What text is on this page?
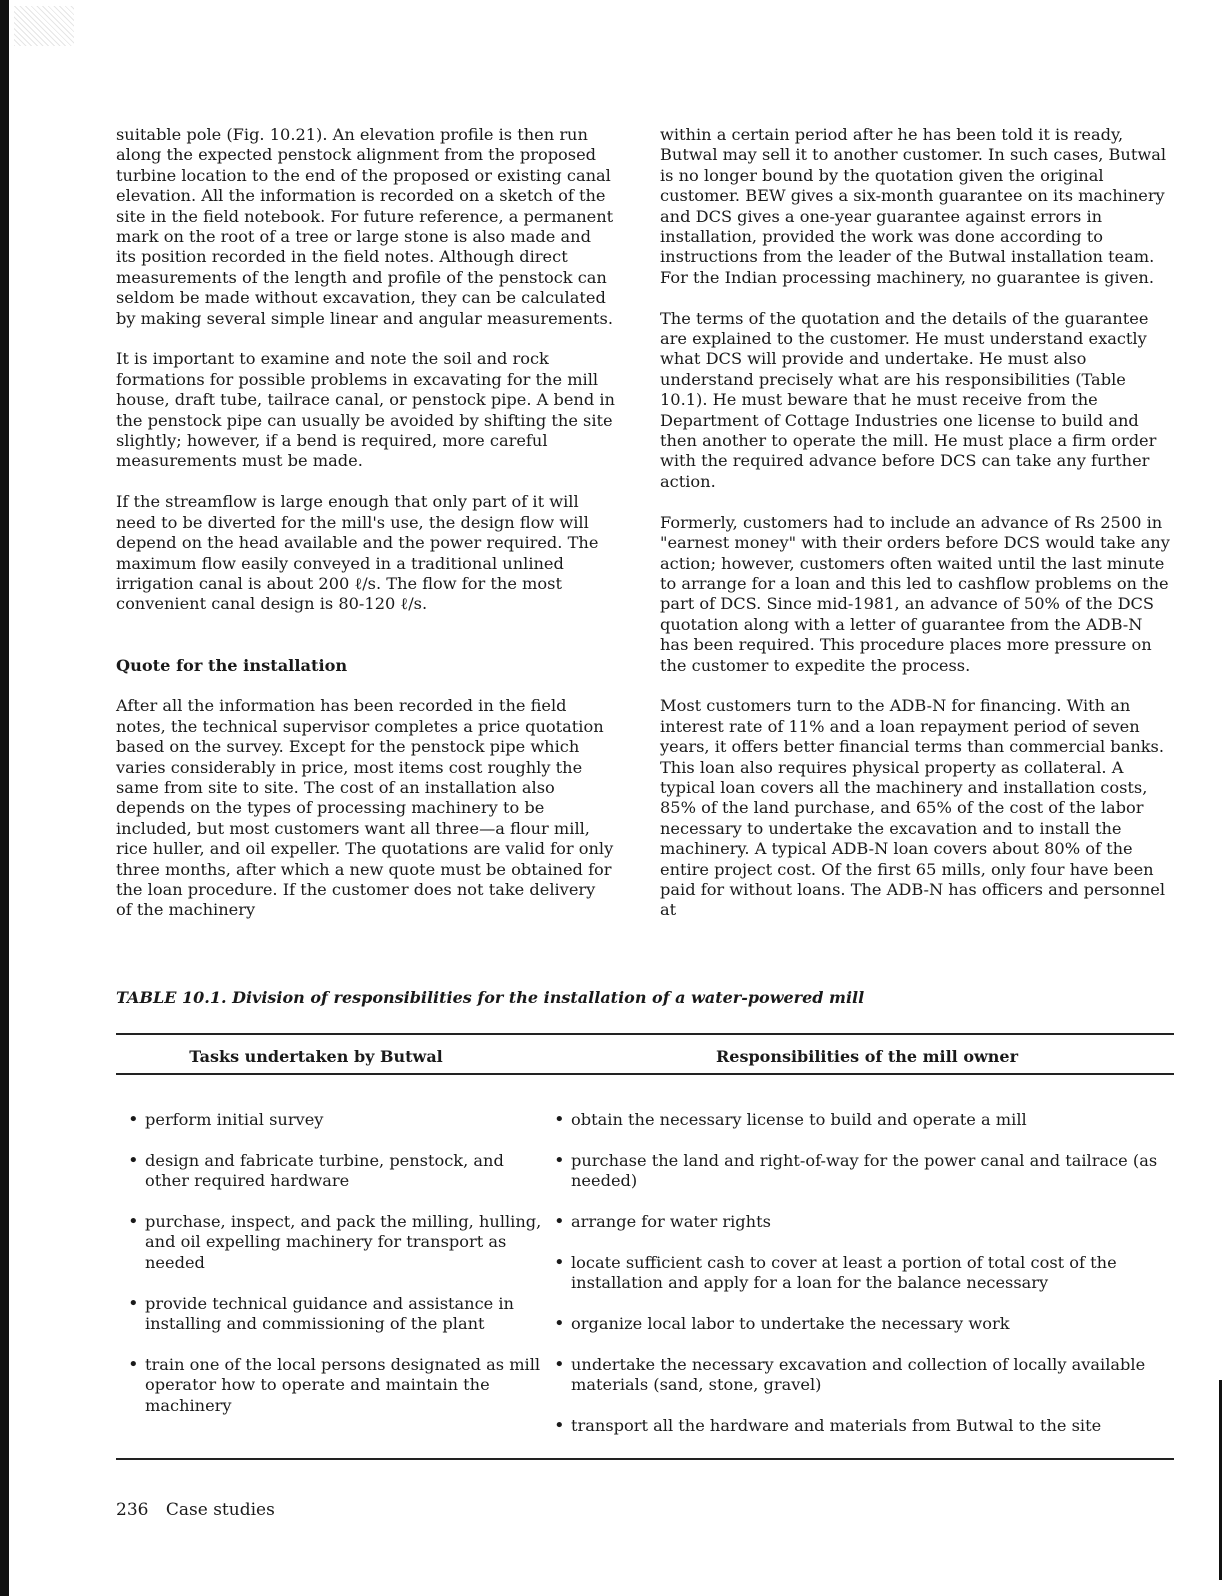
suitable pole (Fig. 10.21). An elevation profile is then run along the expected penstock alignment from the proposed turbine location to the end of the proposed or existing canal elevation. All the information is recorded on a sketch of the site in the field notebook. For future reference, a permanent mark on the root of a tree or large stone is also made and its position recorded in the field notes. Although direct measurements of the length and profile of the penstock can seldom be made without excavation, they can be calculated by making several simple linear and angular measurements.

It is important to examine and note the soil and rock formations for possible problems in excavating for the mill house, draft tube, tailrace canal, or penstock pipe. A bend in the penstock pipe can usually be avoided by shifting the site slightly; however, if a bend is required, more careful measurements must be made.

If the streamflow is large enough that only part of it will need to be diverted for the mill's use, the design flow will depend on the head available and the power required. The maximum flow easily conveyed in a traditional unlined irrigation canal is about 200 ℓ/s. The flow for the most convenient canal design is 80-120 ℓ/s.

Quote for the installation

After all the information has been recorded in the field notes, the technical supervisor completes a price quotation based on the survey. Except for the penstock pipe which varies considerably in price, most items cost roughly the same from site to site. The cost of an installation also depends on the types of processing machinery to be included, but most customers want all three—a flour mill, rice huller, and oil expeller. The quotations are valid for only three months, after which a new quote must be obtained for the loan procedure. If the customer does not take delivery of the machinery

within a certain period after he has been told it is ready, Butwal may sell it to another customer. In such cases, Butwal is no longer bound by the quotation given the original customer. BEW gives a six-month guarantee on its machinery and DCS gives a one-year guarantee against errors in installation, provided the work was done according to instructions from the leader of the Butwal installation team. For the Indian processing machinery, no guarantee is given.

The terms of the quotation and the details of the guarantee are explained to the customer. He must understand exactly what DCS will provide and undertake. He must also understand precisely what are his responsibilities (Table 10.1). He must beware that he must receive from the Department of Cottage Industries one license to build and then another to operate the mill. He must place a firm order with the required advance before DCS can take any further action.

Formerly, customers had to include an advance of Rs 2500 in "earnest money" with their orders before DCS would take any action; however, customers often waited until the last minute to arrange for a loan and this led to cashflow problems on the part of DCS. Since mid-1981, an advance of 50% of the DCS quotation along with a letter of guarantee from the ADB-N has been required. This procedure places more pressure on the customer to expedite the process.

Most customers turn to the ADB-N for financing. With an interest rate of 11% and a loan repayment period of seven years, it offers better financial terms than commercial banks. This loan also requires physical property as collateral. A typical loan covers all the machinery and installation costs, 85% of the land purchase, and 65% of the cost of the labor necessary to undertake the excavation and to install the machinery. A typical ADB-N loan covers about 80% of the entire project cost. Of the first 65 mills, only four have been paid for without loans. The ADB-N has officers and personnel at

TABLE 10.1. Division of responsibilities for the installation of a water-powered mill
Tasks undertaken by Butwal	Responsibilities of the mill owner
• perform initial survey
• design and fabricate turbine, penstock, and other required hardware
• purchase, inspect, and pack the milling, hulling, and oil expelling machinery for transport as needed
• provide technical guidance and assistance in installing and commissioning of the plant
• train one of the local persons designated as mill operator how to operate and maintain the machinery
• obtain the necessary license to build and operate a mill
• purchase the land and right-of-way for the power canal and tailrace (as needed)
• arrange for water rights
• locate sufficient cash to cover at least a portion of total cost of the installation and apply for a loan for the balance necessary
• organize local labor to undertake the necessary work
• undertake the necessary excavation and collection of locally available materials (sand, stone, gravel)
• transport all the hardware and materials from Butwal to the site
236 Case studies
